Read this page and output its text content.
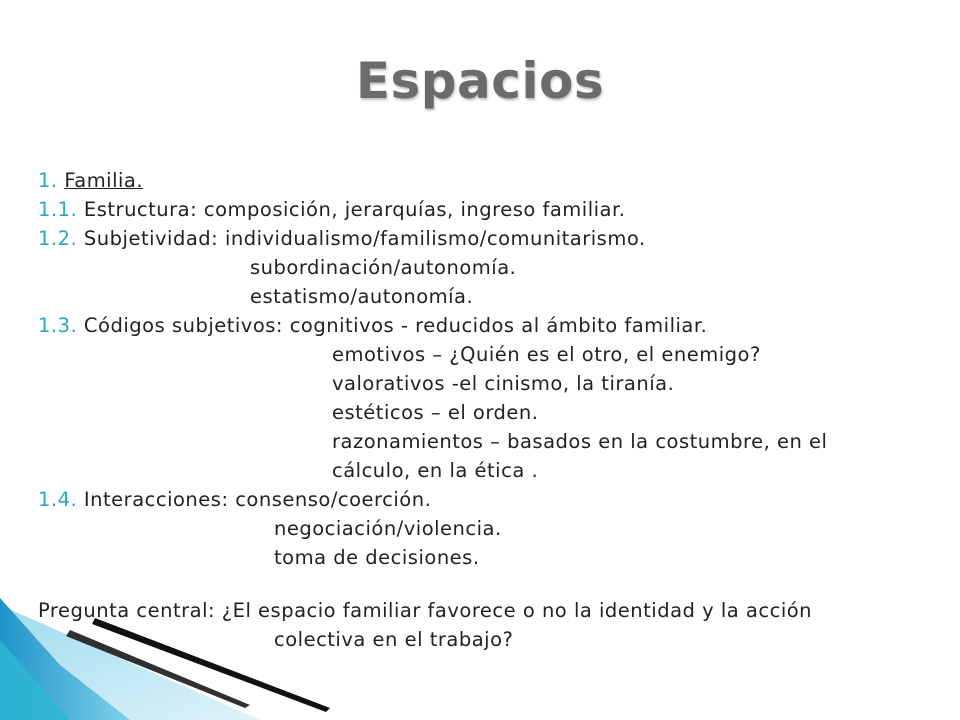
Espacios
1. Familia.
1.1. Estructura: composición, jerarquías, ingreso familiar.
1.2. Subjetividad: individualismo/familismo/comunitarismo.
subordinación/autonomía.
estatismo/autonomía.
1.3. Códigos subjetivos: cognitivos - reducidos al ámbito familiar.
emotivos – ¿Quién es el otro, el enemigo?
valorativos -el cinismo, la tiranía.
estéticos – el orden.
razonamientos – basados en la costumbre, en el
cálculo, en la ética .
1.4. Interacciones: consenso/coerción.
negociación/violencia.
toma de decisiones.
Pregunta central: ¿El espacio familiar favorece o no la identidad y la acción
colectiva en el trabajo?
